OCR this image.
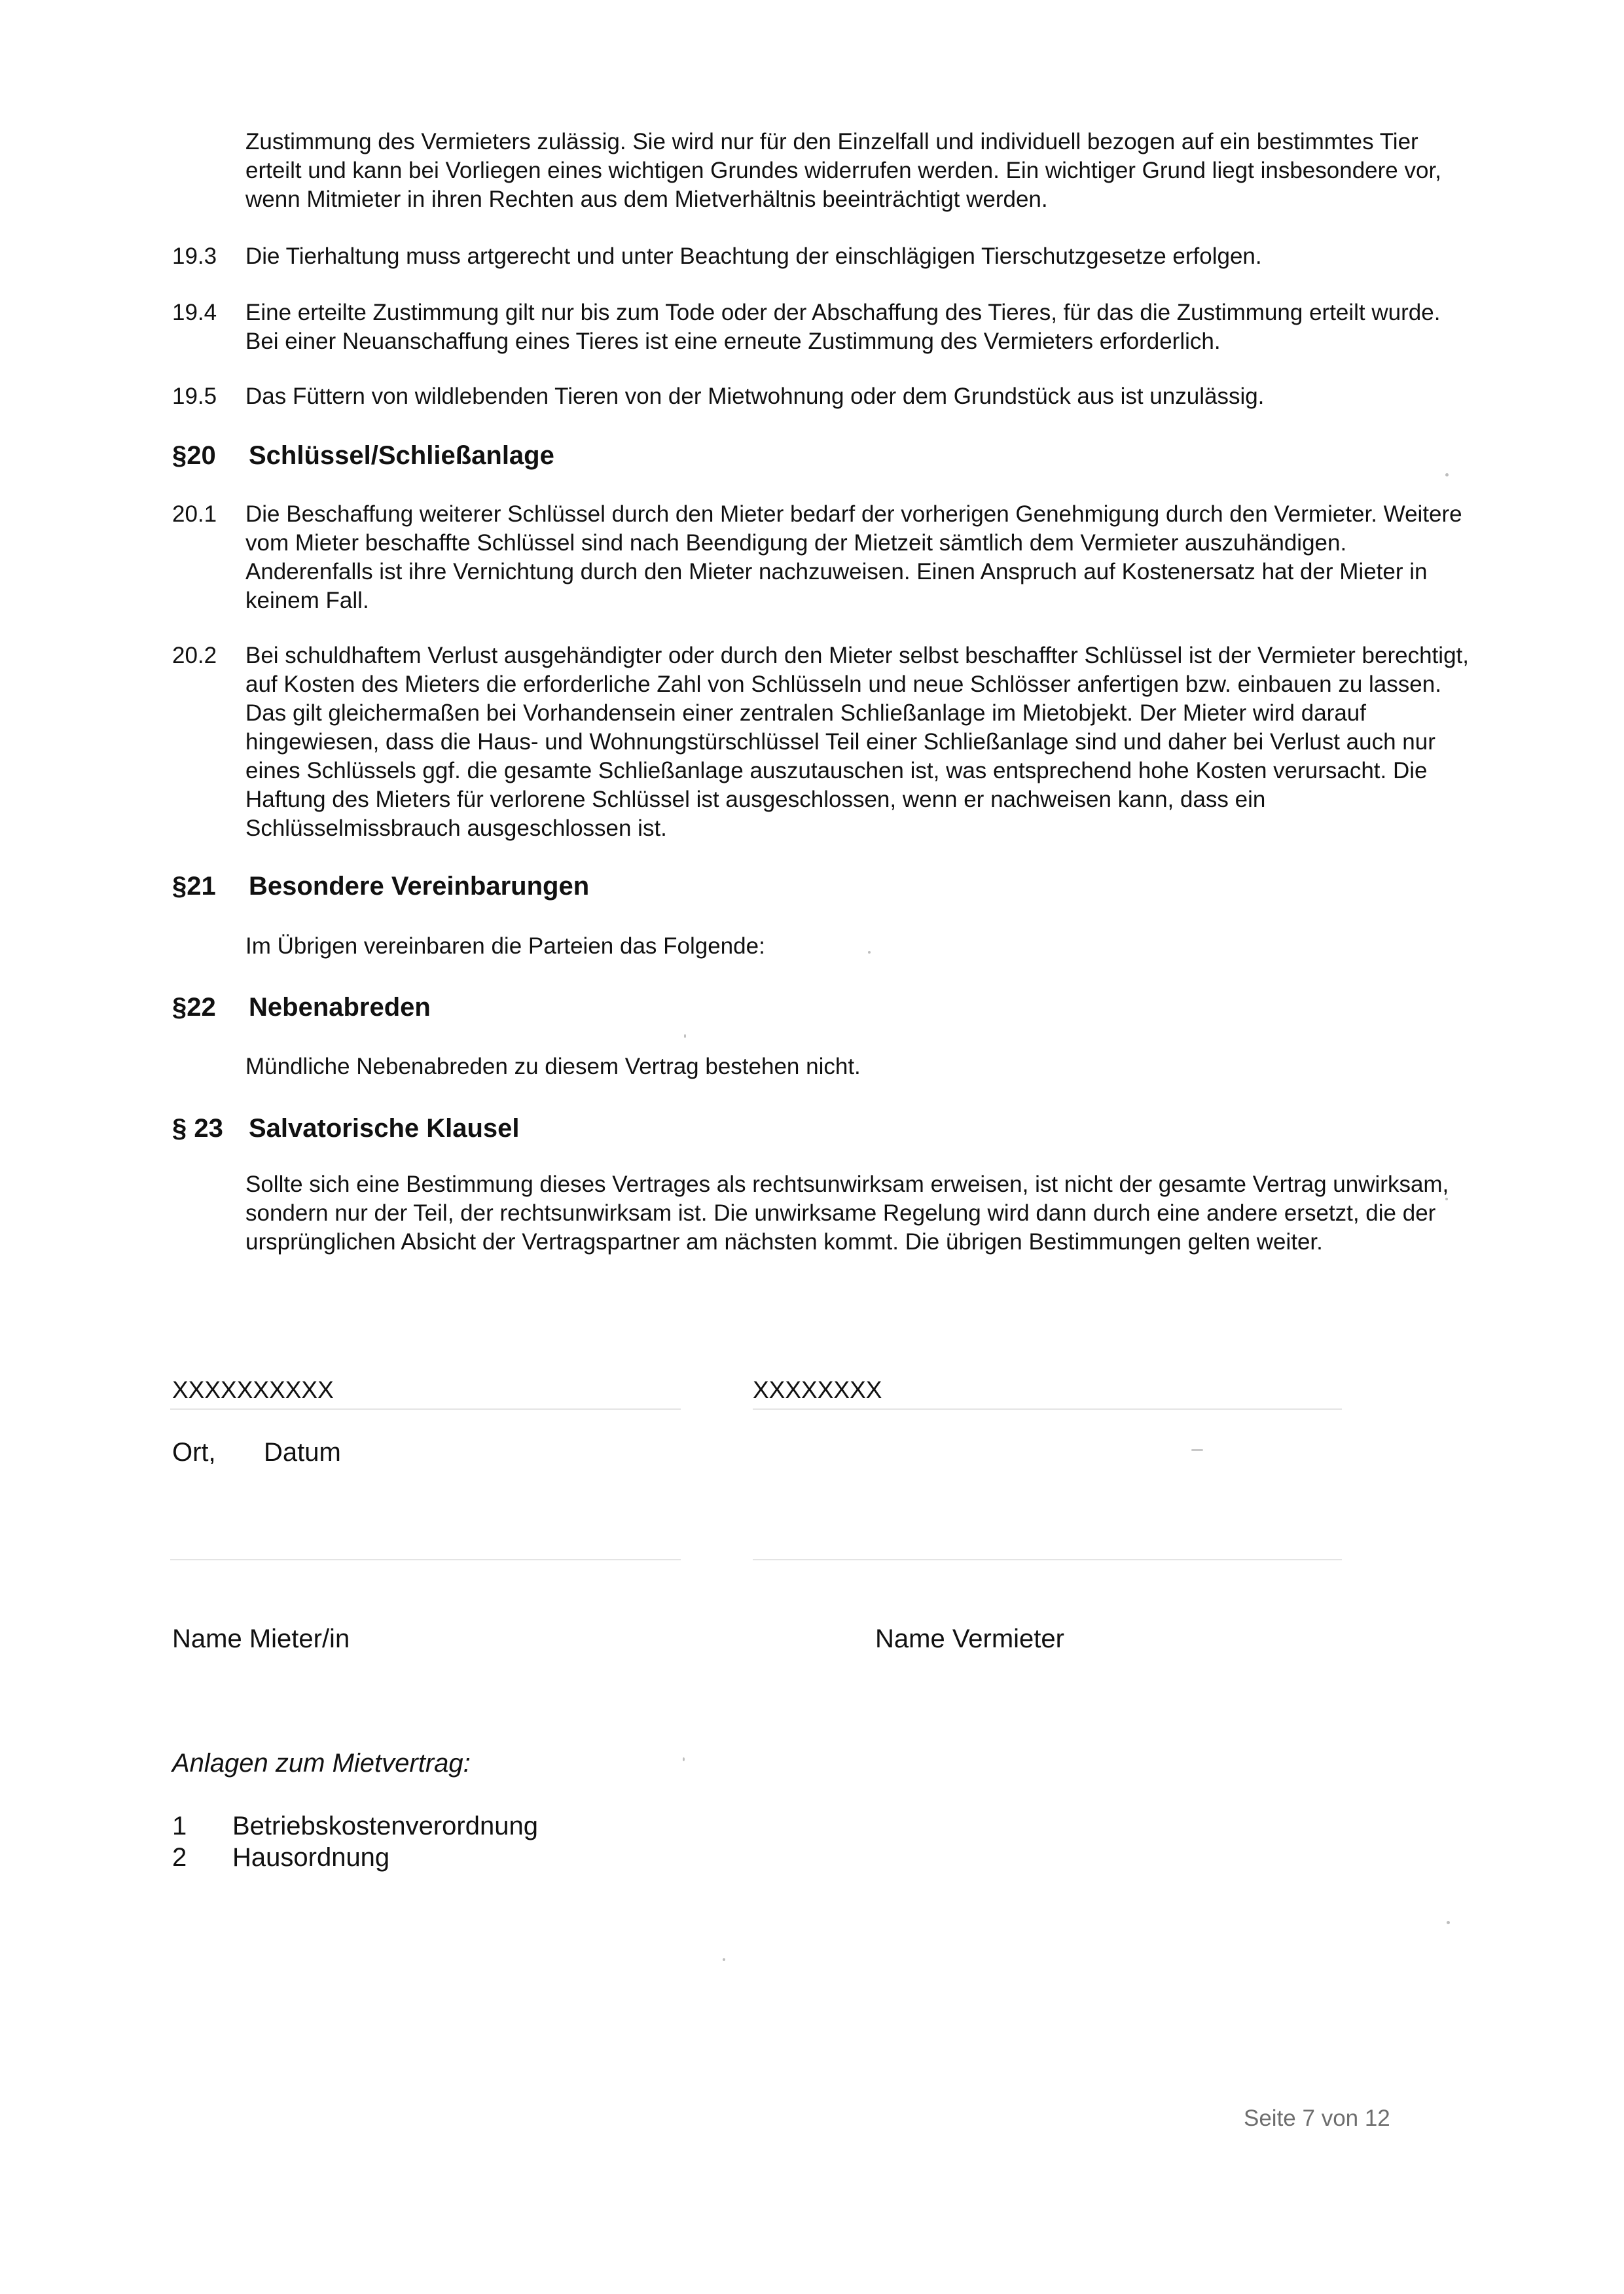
Zustimmung des Vermieters zulässig. Sie wird nur für den Einzelfall und individuell bezogen auf ein bestimmtes Tier erteilt und kann bei Vorliegen eines wichtigen Grundes widerrufen werden. Ein wichtiger Grund liegt insbesondere vor, wenn Mitmieter in ihren Rechten aus dem Mietverhältnis beeinträchtigt werden.
19.3 Die Tierhaltung muss artgerecht und unter Beachtung der einschlägigen Tierschutzgesetze erfolgen.
19.4 Eine erteilte Zustimmung gilt nur bis zum Tode oder der Abschaffung des Tieres, für das die Zustimmung erteilt wurde. Bei einer Neuanschaffung eines Tieres ist eine erneute Zustimmung des Vermieters erforderlich.
19.5 Das Füttern von wildlebenden Tieren von der Mietwohnung oder dem Grundstück aus ist unzulässig.
§20 Schlüssel/Schließanlage
20.1 Die Beschaffung weiterer Schlüssel durch den Mieter bedarf der vorherigen Genehmigung durch den Vermieter. Weitere vom Mieter beschaffte Schlüssel sind nach Beendigung der Mietzeit sämtlich dem Vermieter auszuhändigen. Anderenfalls ist ihre Vernichtung durch den Mieter nachzuweisen. Einen Anspruch auf Kostenersatz hat der Mieter in keinem Fall.
20.2 Bei schuldhaftem Verlust ausgehändigter oder durch den Mieter selbst beschaffter Schlüssel ist der Vermieter berechtigt, auf Kosten des Mieters die erforderliche Zahl von Schlüsseln und neue Schlösser anfertigen bzw. einbauen zu lassen. Das gilt gleichermaßen bei Vorhandensein einer zentralen Schließanlage im Mietobjekt. Der Mieter wird darauf hingewiesen, dass die Haus- und Wohnungstürschlüssel Teil einer Schließanlage sind und daher bei Verlust auch nur eines Schlüssels ggf. die gesamte Schließanlage auszutauschen ist, was entsprechend hohe Kosten verursacht. Die Haftung des Mieters für verlorene Schlüssel ist ausgeschlossen, wenn er nachweisen kann, dass ein Schlüsselmissbrauch ausgeschlossen ist.
§21 Besondere Vereinbarungen
Im Übrigen vereinbaren die Parteien das Folgende:
§22 Nebenabreden
Mündliche Nebenabreden zu diesem Vertrag bestehen nicht.
§ 23 Salvatorische Klausel
Sollte sich eine Bestimmung dieses Vertrages als rechtsunwirksam erweisen, ist nicht der gesamte Vertrag unwirksam, sondern nur der Teil, der rechtsunwirksam ist. Die unwirksame Regelung wird dann durch eine andere ersetzt, die der ursprünglichen Absicht der Vertragspartner am nächsten kommt. Die übrigen Bestimmungen gelten weiter.
XXXXXXXXXX	XXXXXXXX
Ort, Datum
Name Mieter/in	Name Vermieter
Anlagen zum Mietvertrag:
1 Betriebskostenverordnung
2 Hausordnung
Seite 7 von 12
